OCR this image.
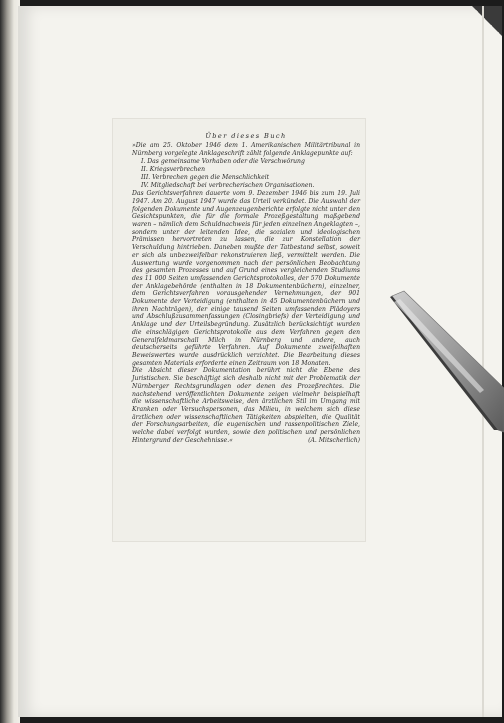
Über dieses Buch

»Die am 25. Oktober 1946 dem 1. Amerikanischen Militärtribunal in Nürnberg vorgelegte Anklageschrift zählt folgende Anklagepunkte auf:

I. Das gemeinsame Vorhaben oder die Verschwörung

II. Kriegsverbrechen

III. Verbrechen gegen die Menschlichkeit

IV. Mitgliedschaft bei verbrecherischen Organisationen.

Das Gerichtsverfahren dauerte vom 9. Dezember 1946 bis zum 19. Juli 1947. Am 20. August 1947 wurde das Urteil verkündet. Die Auswahl der folgenden Dokumente und Augenzeugenberichte erfolgte nicht unter den Gesichtspunkten, die für die formale Prozeßgestaltung maßgebend waren – nämlich dem Schuldnachweis für jeden einzelnen Angeklagten –, sondern unter der leitenden Idee, die sozialen und ideologischen Prämissen hervortreten zu lassen, die zur Konstellation der Verschuldung hintrieben. Daneben mußte der Tatbestand selbst, soweit er sich als unbezweifelbar rekonstruieren ließ, vermittelt werden. Die Auswertung wurde vorgenommen nach der persönlichen Beobachtung des gesamten Prozesses und auf Grund eines vergleichenden Studiums des 11 000 Seiten umfassenden Gerichtsprotokolles, der 570 Dokumente der Anklagebehörde (enthalten in 18 Dokumentenbüchern), einzelner, dem Gerichtsverfahren vorausgehender Vernehmungen, der 901 Dokumente der Verteidigung (enthalten in 45 Dokumentenbüchern und ihren Nachträgen), der einige tausend Seiten umfassenden Plädoyers und Abschlußzusammenfassungen (Closingbriefs) der Verteidigung und Anklage und der Urteilsbegründung. Zusätzlich berücksichtigt wurden die einschlägigen Gerichtsprotokolle aus dem Verfahren gegen den Generalfeldmarschall Milch in Nürnberg und andere, auch deutscherseits geführte Verfahren. Auf Dokumente zweifelhaften Beweiswertes wurde ausdrücklich verzichtet. Die Bearbeitung dieses gesamten Materials erforderte einen Zeitraum von 18 Monaten.

Die Absicht dieser Dokumentation berührt nicht die Ebene des Juristischen. Sie beschäftigt sich deshalb nicht mit der Problematik der Nürnberger Rechtsgrundlagen oder denen des Prozeßrechtes. Die nachstehend veröffentlichten Dokumente zeigen vielmehr beispielhaft die wissenschaftliche Arbeitsweise, den ärztlichen Stil im Umgang mit Kranken oder Versuchspersonen, das Milieu, in welchem sich diese ärztlichen oder wissenschaftlichen Tätigkeiten abspielten, die Qualität der Forschungsarbeiten, die eugenischen und rassenpolitischen Ziele, welche dabei verfolgt wurden, sowie den politischen und persönlichen Hintergrund der Geschehnisse.«	(A. Mitscherlich)
